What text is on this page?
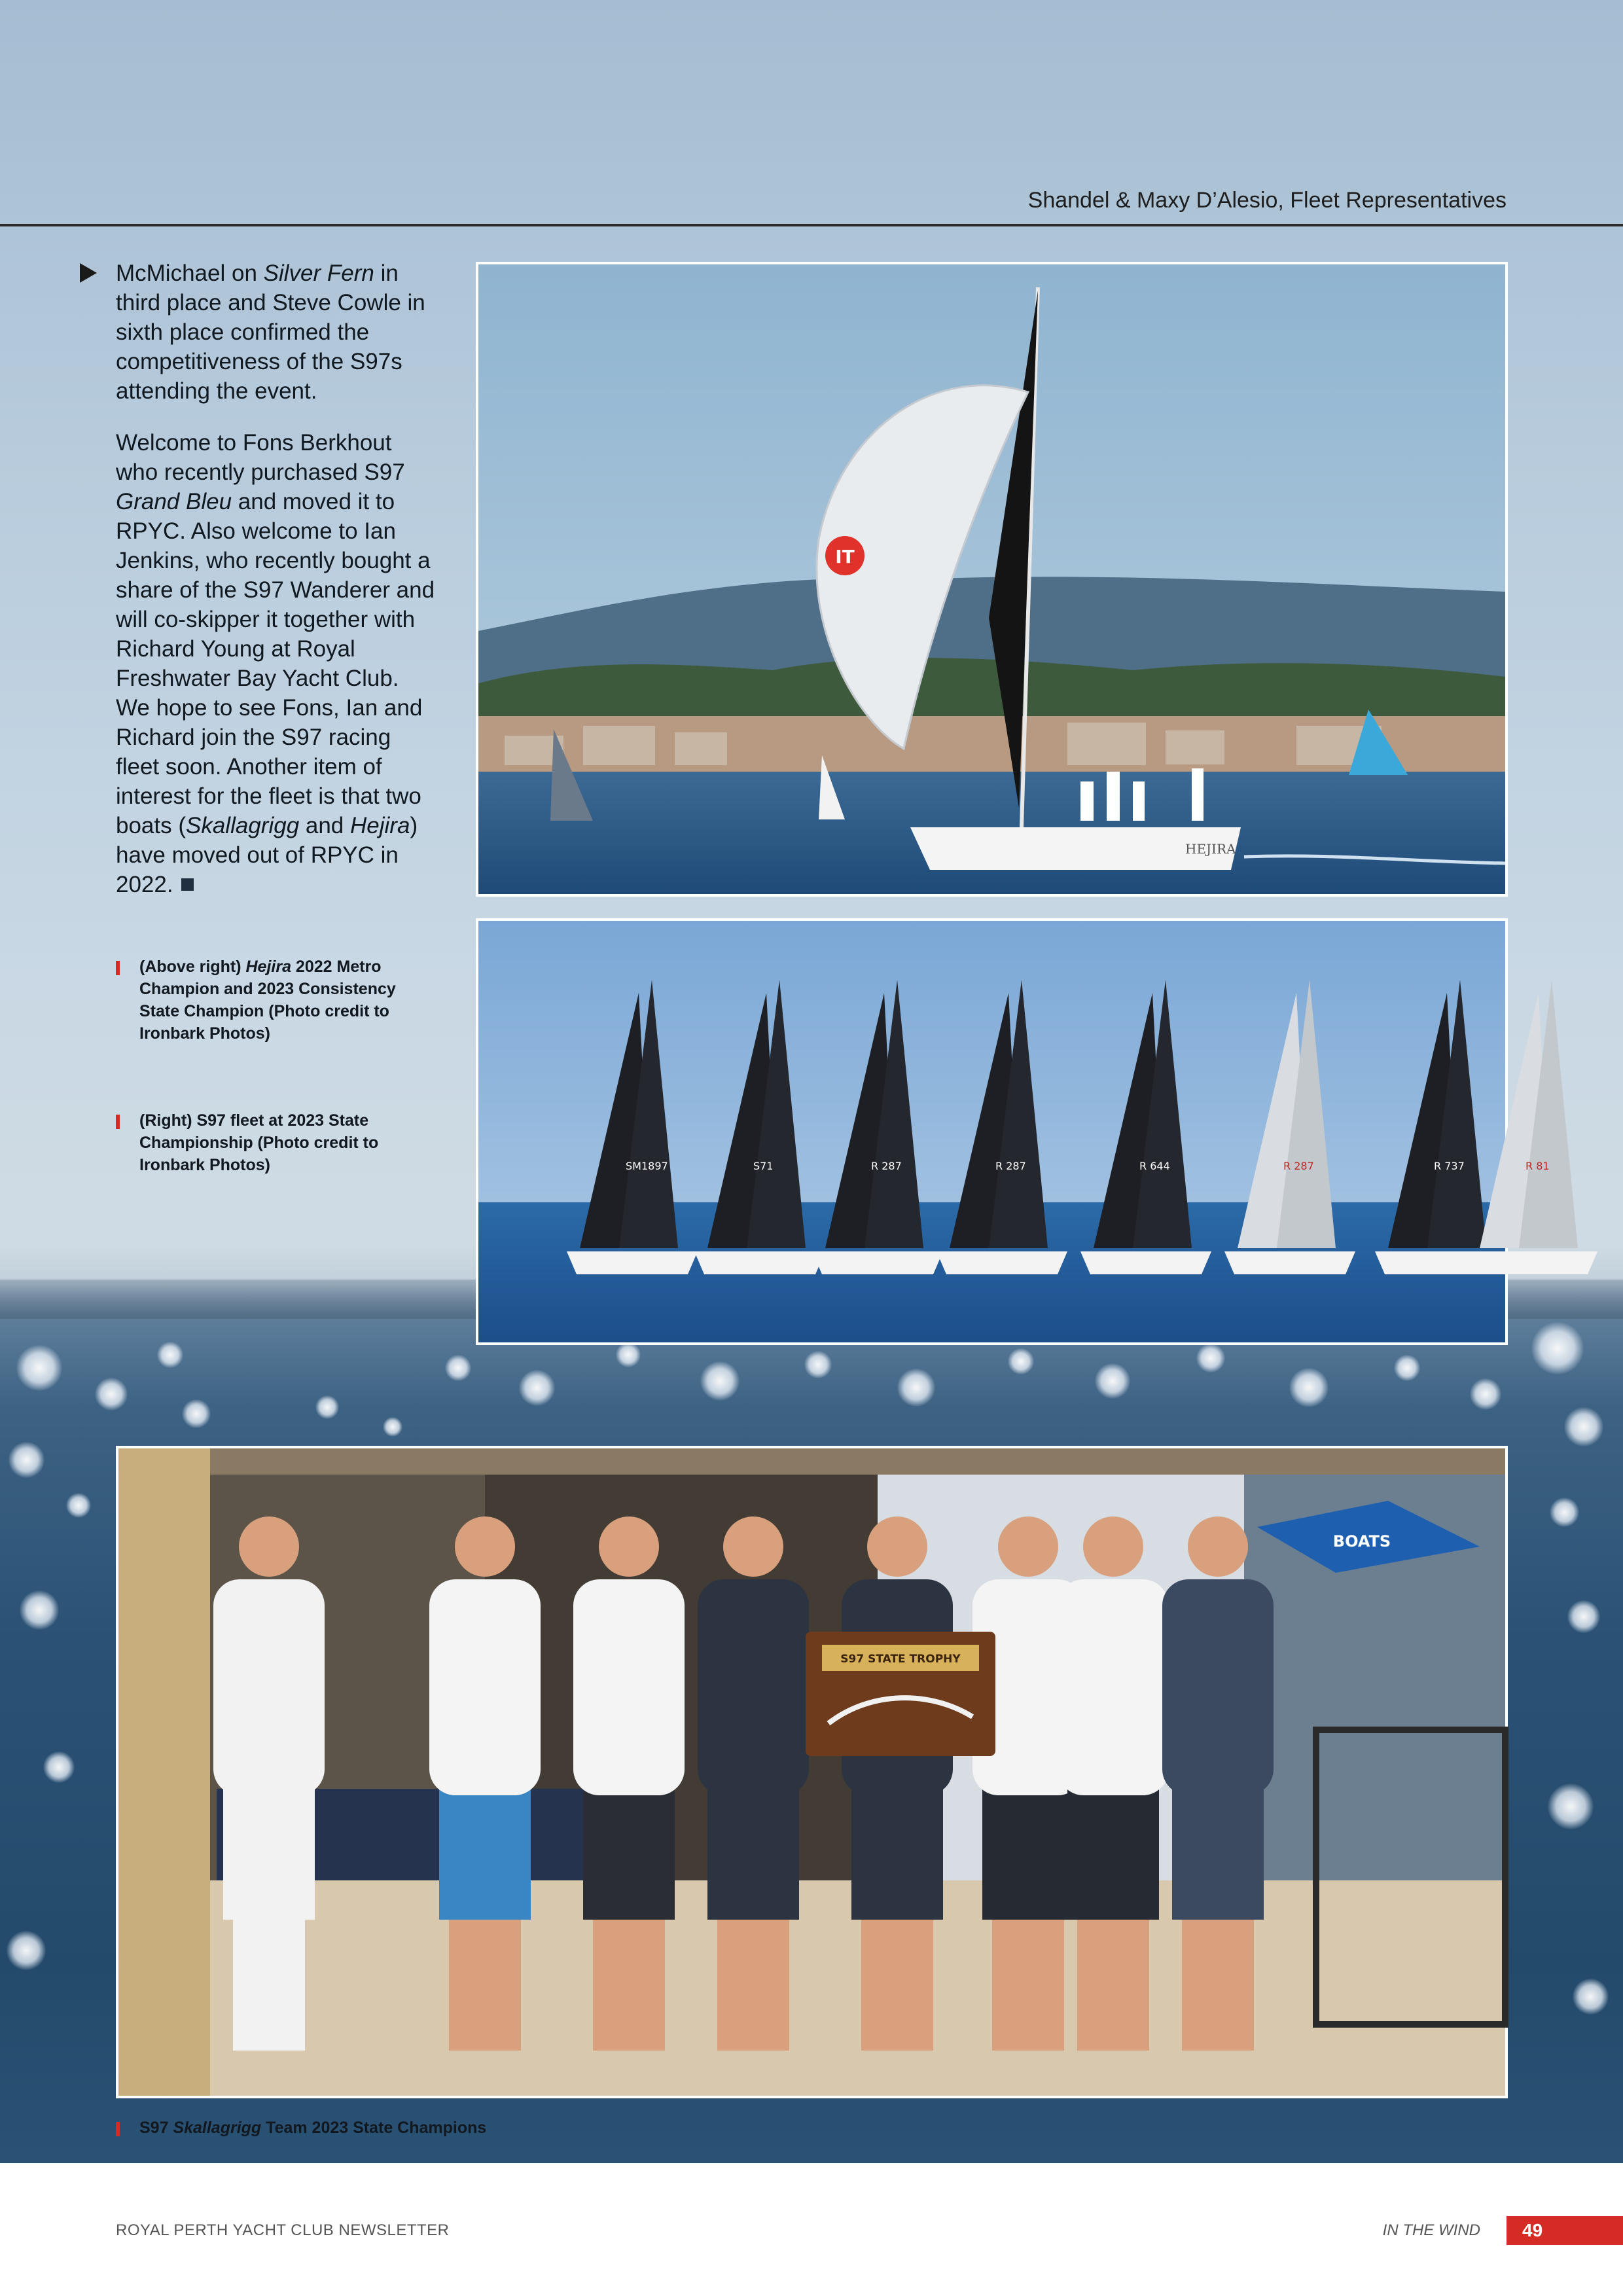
Shandel & Maxy D’Alesio, Fleet Representatives

McMichael on Silver Fern in third place and Steve Cowle in sixth place confirmed the competitiveness of the S97s attending the event.

Welcome to Fons Berkhout who recently purchased S97 Grand Bleu and moved it to RPYC. Also welcome to Ian Jenkins, who recently bought a share of the S97 Wanderer and will co-skipper it together with Richard Young at Royal Freshwater Bay Yacht Club. We hope to see Fons, Ian and Richard join the S97 racing fleet soon. Another item of interest for the fleet is that two boats (Skallagrigg and Hejira) have moved out of RPYC in 2022.

(Above right) Hejira 2022 Metro Champion and 2023 Consistency State Champion (Photo credit to Ironbark Photos)
(Right) S97 fleet at 2023 State Championship (Photo credit to Ironbark Photos)
IT
HEJIRA
SM1897	S71	R 287	R 287	R 644	R 287	R 737	R 81
BOATS
S97 STATE TROPHY
S97 Skallagrigg Team 2023 State Champions
ROYAL PERTH YACHT CLUB NEWSLETTER	IN THE WIND	49
